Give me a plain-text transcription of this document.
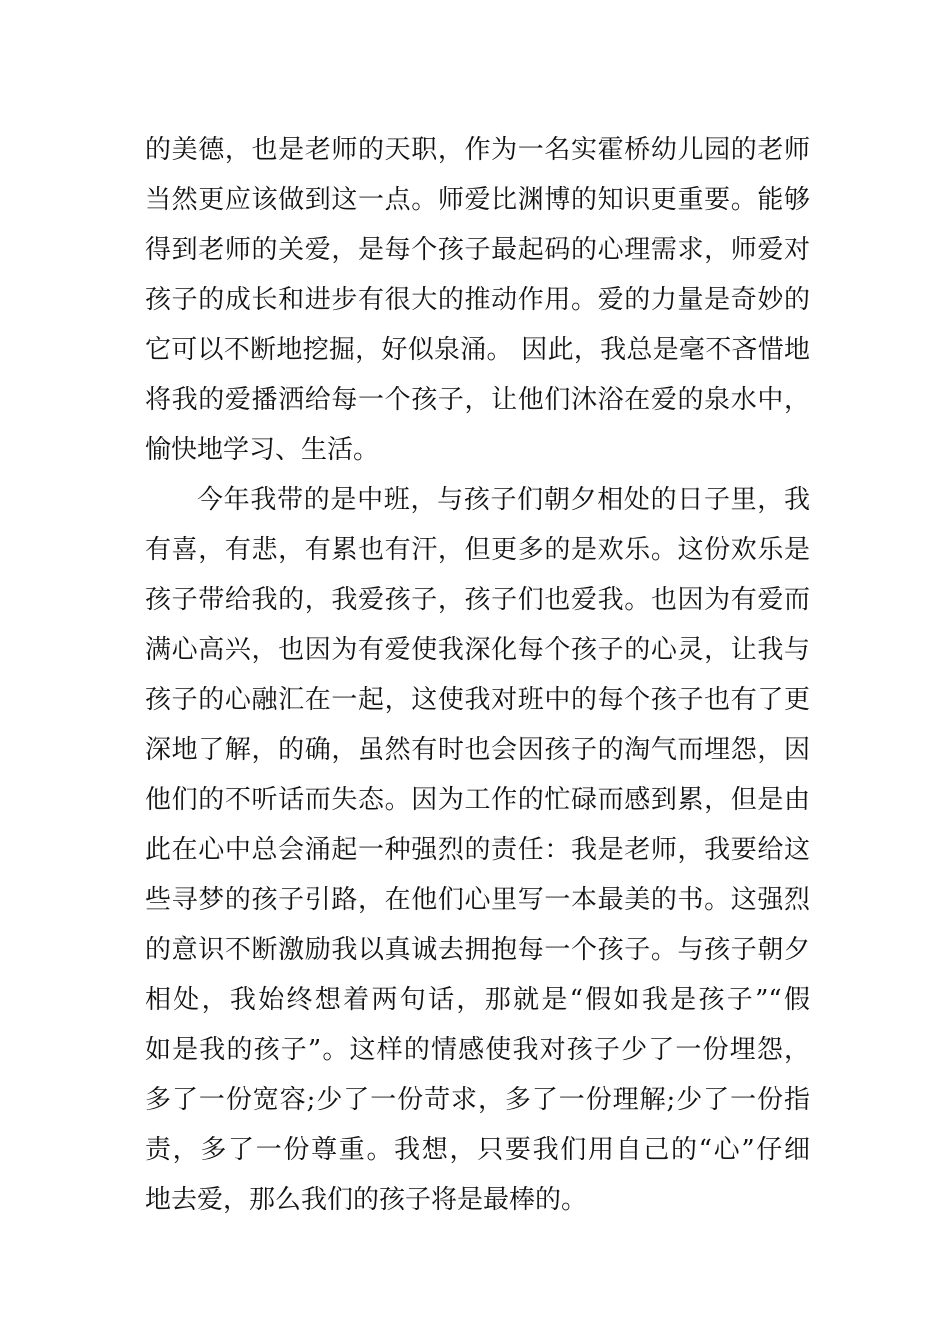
的美德，也是老师的天职，作为一名实霍桥幼儿园的老师
当然更应该做到这一点。师爱比渊博的知识更重要。能够
得到老师的关爱，是每个孩子最起码的心理需求，师爱对
孩子的成长和进步有很大的推动作用。爱的力量是奇妙的
它可以不断地挖掘，好似泉涌。 因此，我总是毫不吝惜地
将我的爱播洒给每一个孩子，让他们沐浴在爱的泉水中，
愉快地学习、生活。
今年我带的是中班，与孩子们朝夕相处的日子里，我
有喜，有悲，有累也有汗，但更多的是欢乐。这份欢乐是
孩子带给我的，我爱孩子，孩子们也爱我。也因为有爱而
满心高兴，也因为有爱使我深化每个孩子的心灵，让我与
孩子的心融汇在一起，这使我对班中的每个孩子也有了更
深地了解，的确，虽然有时也会因孩子的淘气而埋怨，因
他们的不听话而失态。因为工作的忙碌而感到累，但是由
此在心中总会涌起一种强烈的责任：我是老师，我要给这
些寻梦的孩子引路，在他们心里写一本最美的书。这强烈
的意识不断激励我以真诚去拥抱每一个孩子。与孩子朝夕
相处，我始终想着两句话，那就是“假如我是孩子”“假
如是我的孩子”。这样的情感使我对孩子少了一份埋怨，
多了一份宽容;少了一份苛求，多了一份理解;少了一份指
责，多了一份尊重。我想，只要我们用自己的“心”仔细
地去爱，那么我们的孩子将是最棒的。
